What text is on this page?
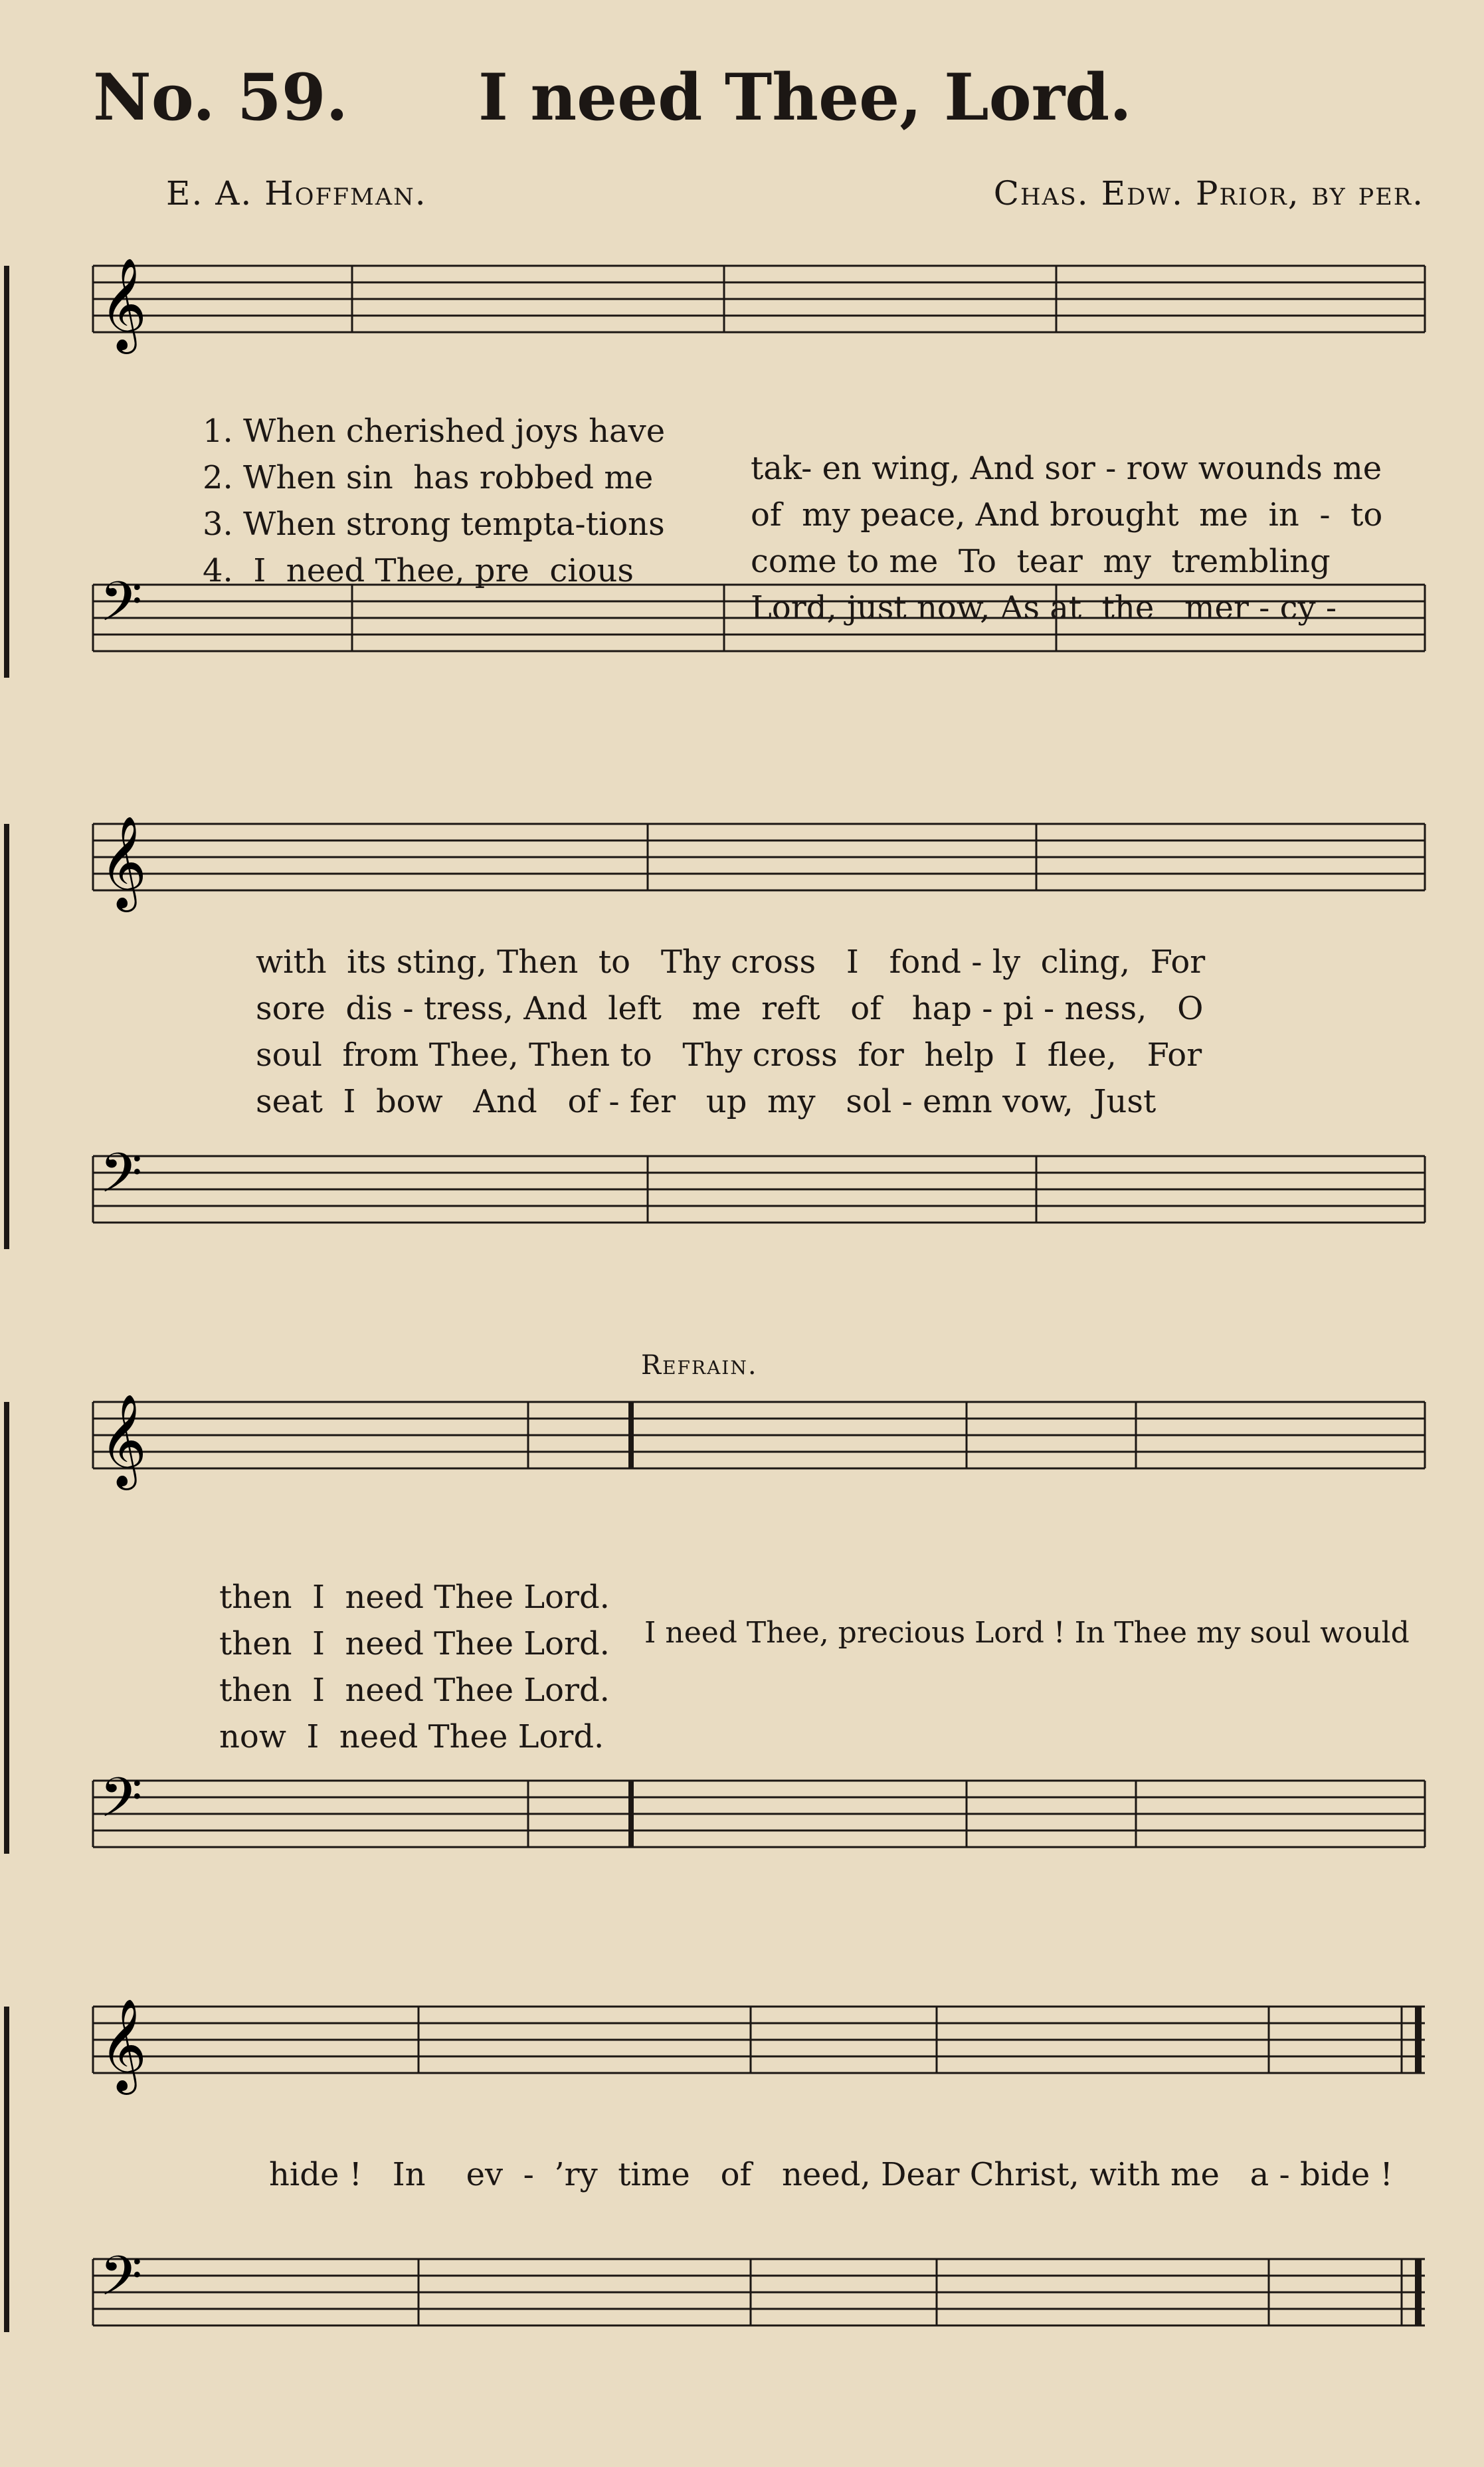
No. 59. I need Thee, Lord.
E. A. Hoffman.	Chas. Edw. Prior, by per.
𝄞
𝄢

1. When cherished joys have

tak- en wing, And sor - row wounds me

2. When sin  has robbed me

of  my peace, And brought  me  in  -  to

3. When strong tempta-tions

come to me  To  tear  my  trembling

4.  I  need Thee, pre  cious

Lord, just now, As at  the   mer - cy -

𝄞
𝄢
with  its sting, Then  to   Thy cross   I   fond - ly  cling,  For
sore  dis - tress, And  left   me  reft   of   hap - pi - ness,   O
soul  from Thee, Then to   Thy cross  for  help  I  flee,   For
seat  I  bow   And   of - fer   up  my   sol - emn vow,  Just
Refrain.
𝄞
𝄢

then  I  need Thee Lord.

I need Thee, precious Lord ! In Thee my soul would

then  I  need Thee Lord.

then  I  need Thee Lord.

now  I  need Thee Lord.

𝄞
𝄢
hide !   In    ev  -  ’ry  time   of   need, Dear Christ, with me   a - bide !
